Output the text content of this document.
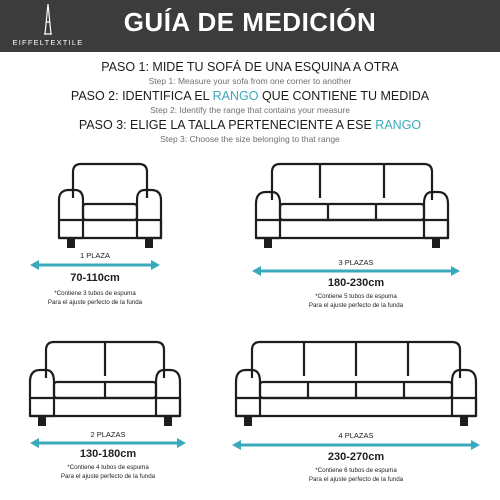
EIFFELTEXTILE
GUÍA DE MEDICIÓN
PASO 1: MIDE TU SOFÁ DE UNA ESQUINA A OTRA
Step 1: Measure your sofa from one corner to another
PASO 2: IDENTIFICA EL RANGO QUE CONTIENE TU MEDIDA
Step 2: Identify the range that contains your measure
PASO 3: ELIGE LA TALLA PERTENECIENTE A ESE RANGO
Step 3: Choose the size belonging to that range
1 PLAZA
70-110cm
*Contiene 3 tubos de espuma
Para el ajuste perfecto de la funda
3 PLAZAS
180-230cm
*Contiene 5 tubos de espuma
Para el ajuste perfecto de la funda
2 PLAZAS
130-180cm
*Contiene 4 tubos de espuma
Para el ajuste perfecto de la funda
4 PLAZAS
230-270cm
*Contiene 6 tubos de espuma
Para el ajuste perfecto de la funda
